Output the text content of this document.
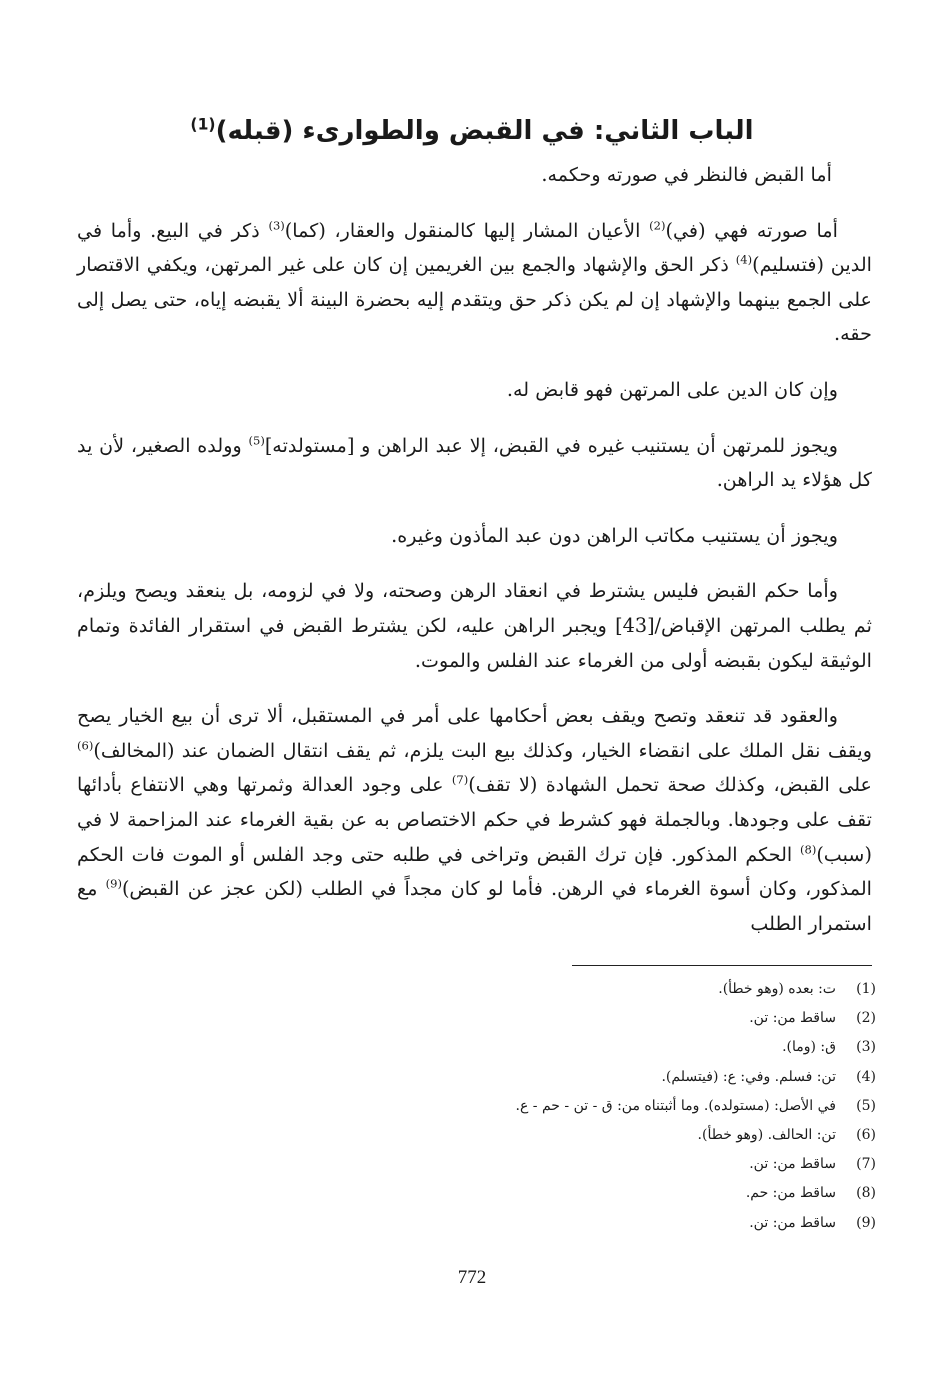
الباب الثاني: في القبض والطوارىء (قبله)$^{(1)}$

أما القبض فالنظر في صورته وحكمه.

أما صورته فهي (في)$^{(2)}$ الأعيان المشار إليها كالمنقول والعقار، (كما)$^{(3)}$ ذكر في البيع. وأما في الدين (فتسليم)$^{(4)}$ ذكر الحق والإشهاد والجمع بين الغريمين إن كان على غير المرتهن، ويكفي الاقتصار على الجمع بينهما والإشهاد إن لم يكن ذكر حق ويتقدم إليه بحضرة البينة ألا يقبضه إياه، حتى يصل إلى حقه.

وإن كان الدين على المرتهن فهو قابض له.

ويجوز للمرتهن أن يستنيب غيره في القبض، إلا عبد الراهن و [مستولدته]$^{(5)}$ وولده الصغير، لأن يد كل هؤلاء يد الراهن.

ويجوز أن يستنيب مكاتب الراهن دون عبد المأذون وغيره.

وأما حكم القبض فليس يشترط في انعقاد الرهن وصحته، ولا في لزومه، بل ينعقد ويصح ويلزم، ثم يطلب المرتهن الإقباض/[43] ويجبر الراهن عليه، لكن يشترط القبض في استقرار الفائدة وتمام الوثيقة ليكون بقبضه أولى من الغرماء عند الفلس والموت.

والعقود قد تنعقد وتصح ويقف بعض أحكامها على أمر في المستقبل، ألا ترى أن بيع الخيار يصح ويقف نقل الملك على انقضاء الخيار، وكذلك بيع البت يلزم، ثم يقف انتقال الضمان عند (المخالف)$^{(6)}$ على القبض، وكذلك صحة تحمل الشهادة (لا تقف)$^{(7)}$ على وجود العدالة وثمرتها وهي الانتفاع بأدائها تقف على وجودها. وبالجملة فهو كشرط في حكم الاختصاص به عن بقية الغرماء عند المزاحمة لا في (سبب)$^{(8)}$ الحكم المذكور. فإن ترك القبض وتراخى في طلبه حتى وجد الفلس أو الموت فات الحكم المذكور، وكان أسوة الغرماء في الرهن. فأما لو كان مجداً في الطلب (لكن عجز عن القبض)$^{(9)}$ مع استمرار الطلب

(1)
ت: بعده (وهو خطأ).
(2)
ساقط من: تن.
(3)
ق: (وما).
(4)
تن: فسلم. وفي: ع: (فيتسلم).
(5)
في الأصل: (مستولده). وما أثبتناه من: ق - تن - حم - ع.
(6)
تن: الحالف. (وهو خطأ).
(7)
ساقط من: تن.
(8)
ساقط من: حم.
(9)
ساقط من: تن.
772
